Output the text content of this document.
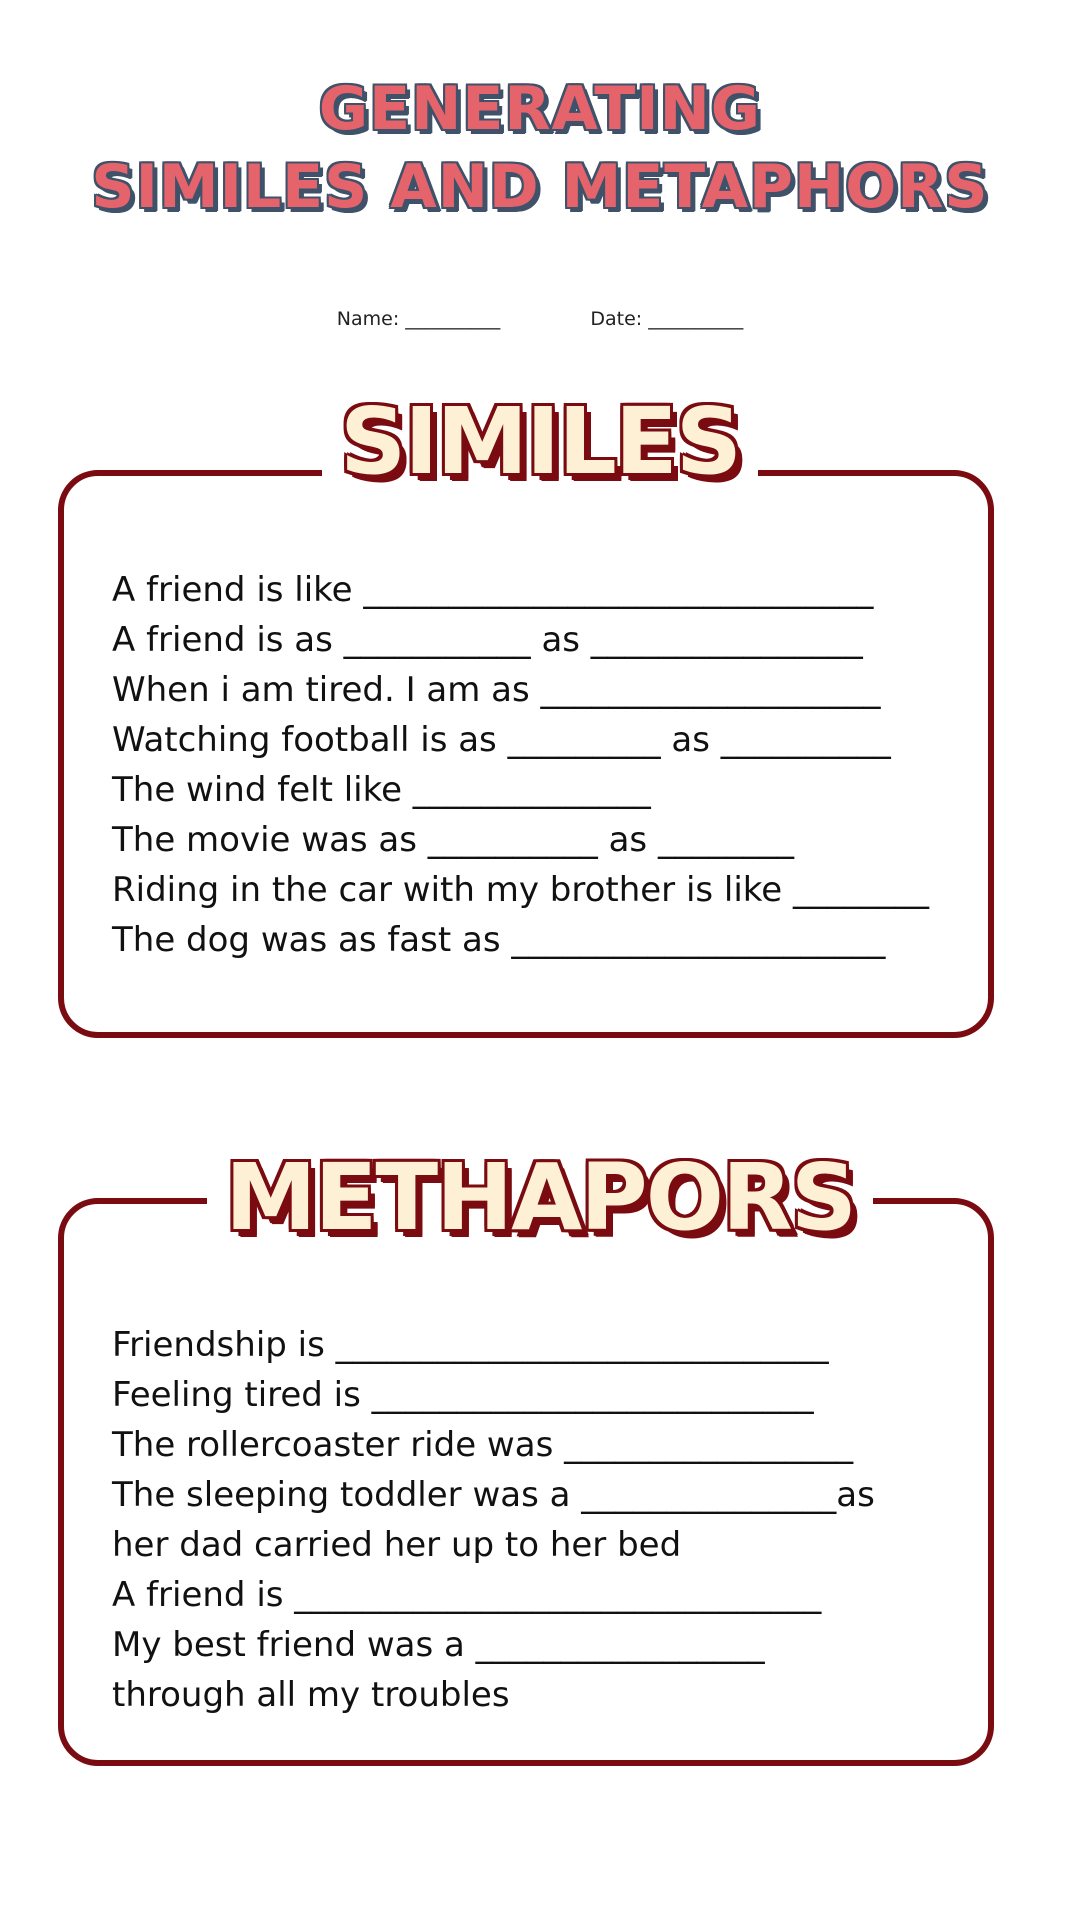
GENERATING
SIMILES AND METAPHORS
Name: __________	Date: __________
SIMILES
A friend is like ______________________________
A friend is as ___________ as ________________
When i am tired. I am as ____________________
Watching football is as _________ as __________
The wind felt like ______________
The movie was as __________ as ________
Riding in the car with my brother is like ________
The dog was as fast as ______________________
METHAPORS
Friendship is _____________________________
Feeling tired is __________________________
The rollercoaster ride was _________________
The sleeping toddler was a _______________as
her dad carried her up to her bed
A friend is _______________________________
My best friend was a _________________
through all my troubles
